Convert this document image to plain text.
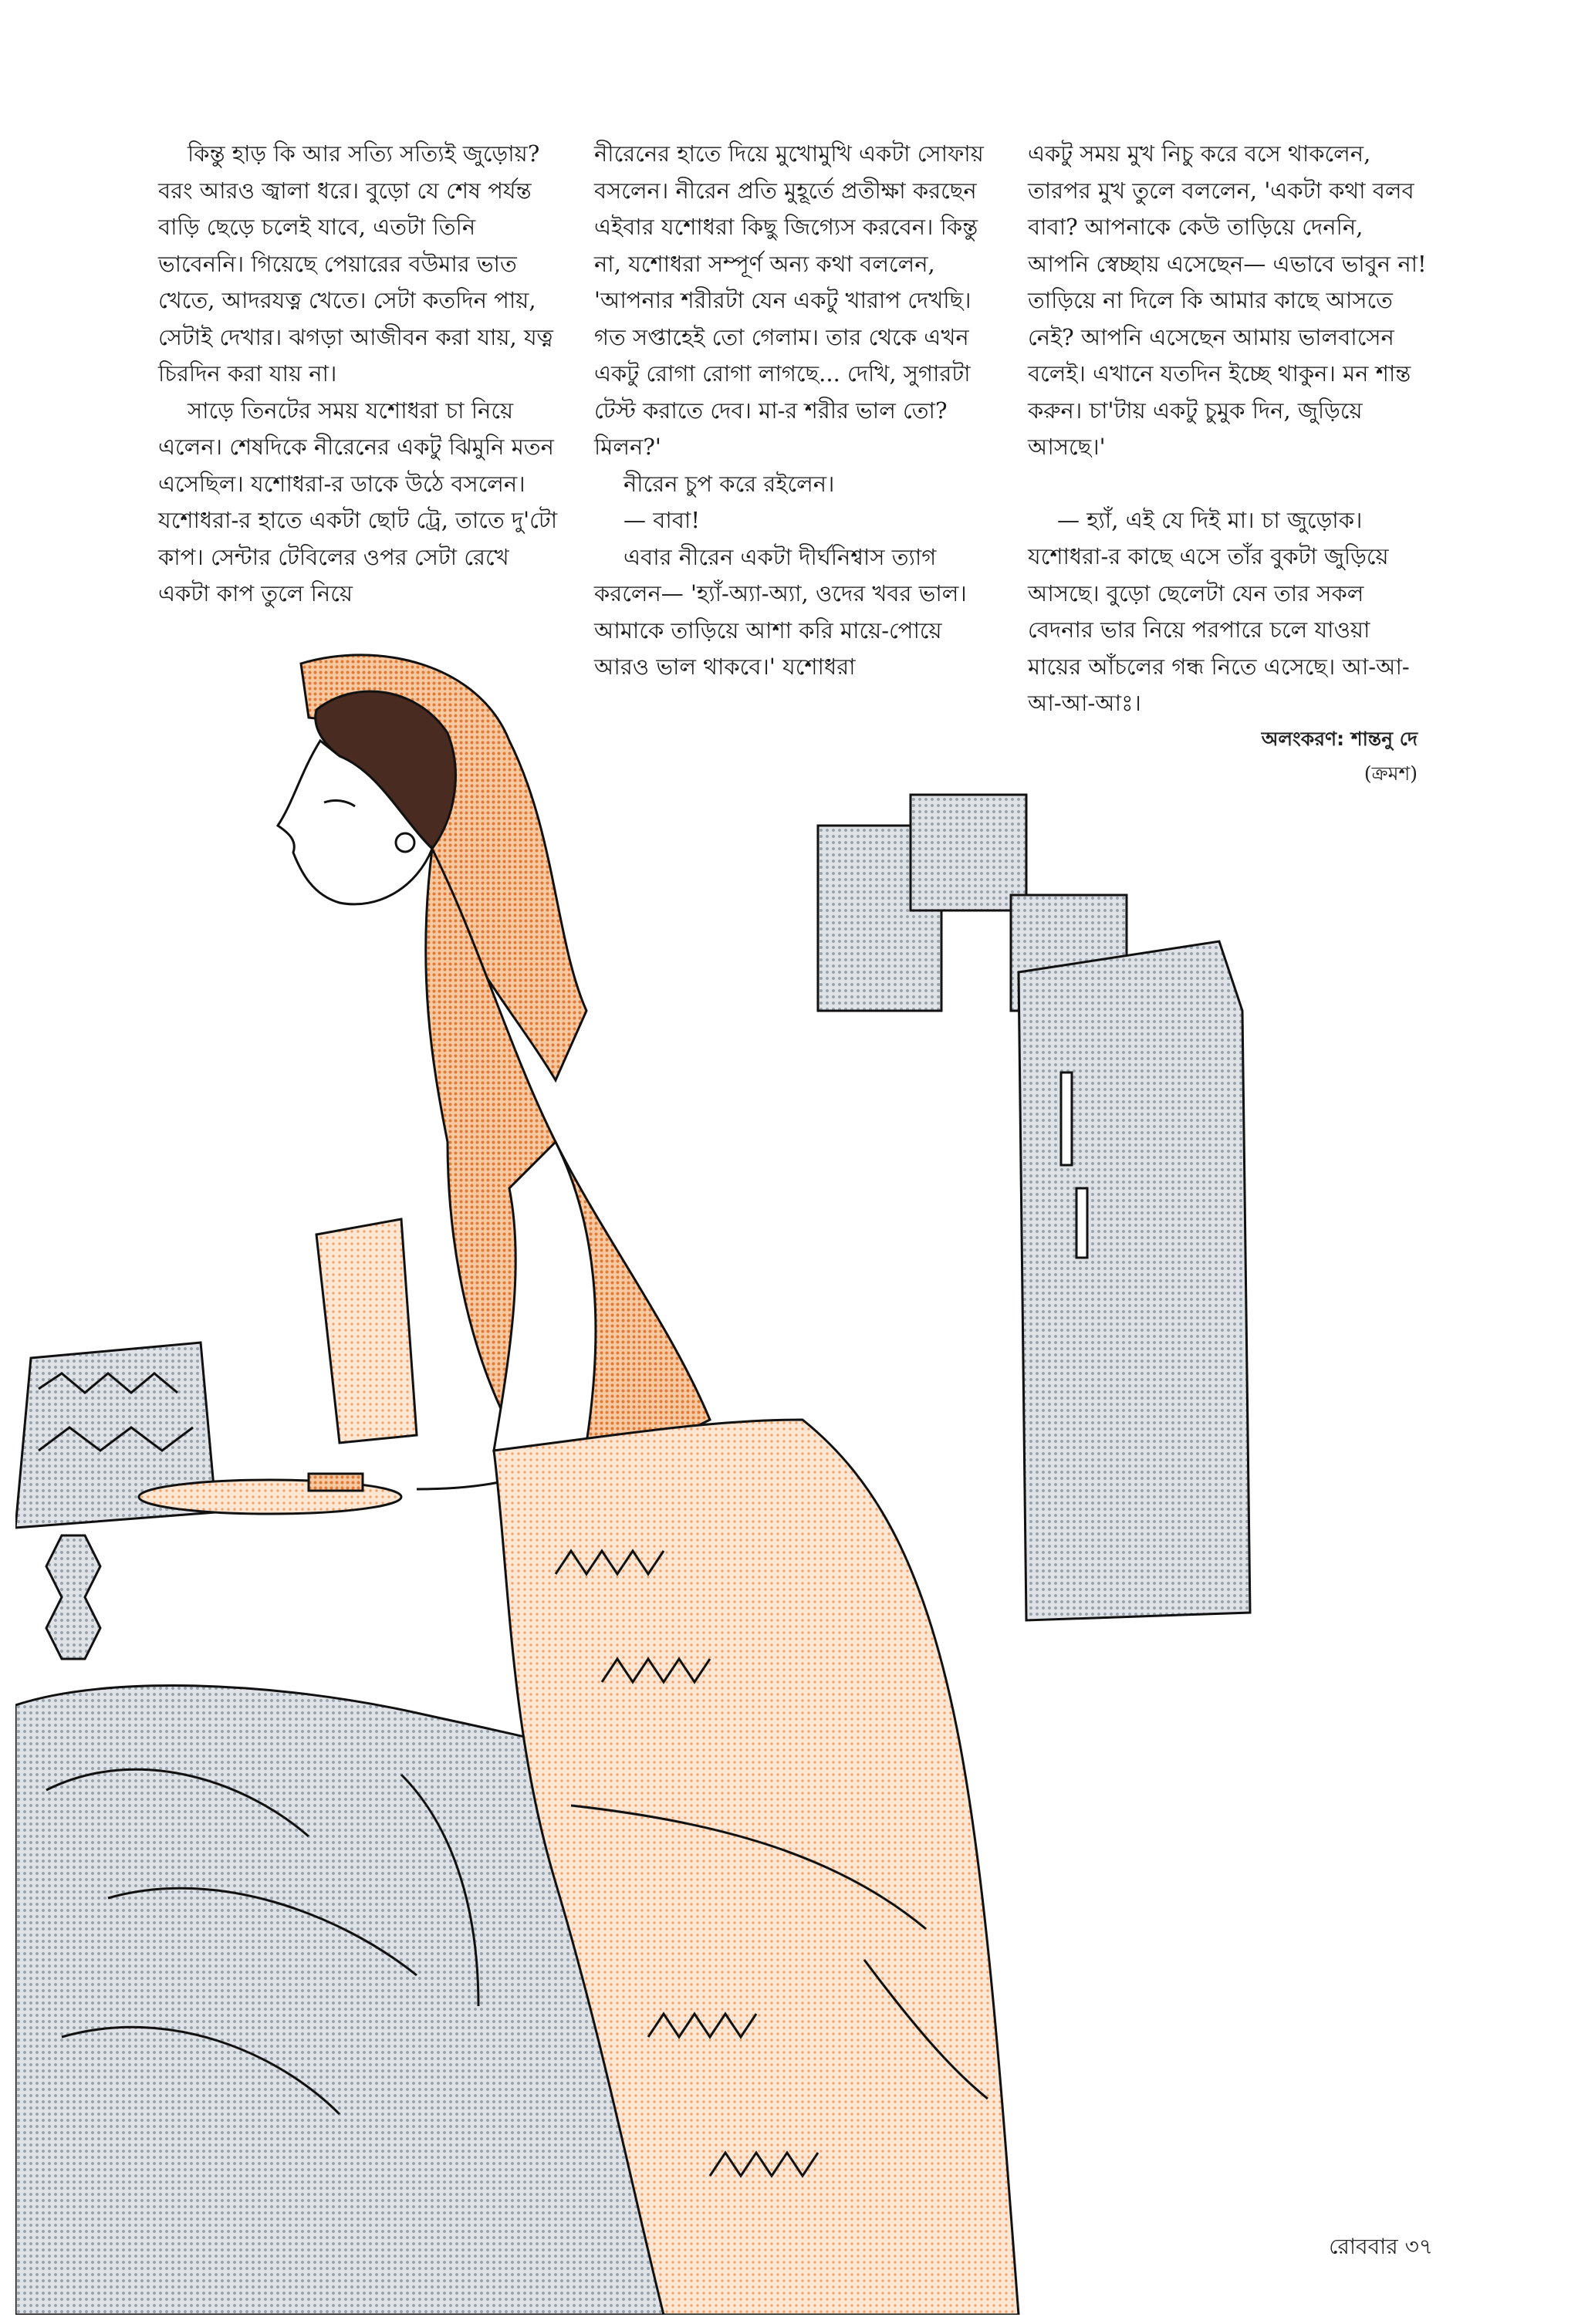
কিন্তু হাড় কি আর সত্যি সত্যিই জুড়োয়? বরং আরও জ্বালা ধরে। বুড়ো যে শেষ পর্যন্ত বাড়ি ছেড়ে চলেই যাবে, এতটা তিনি ভাবেননি। গিয়েছে পেয়ারের বউমার ভাত খেতে, আদরযত্ন খেতে। সেটা কতদিন পায়, সেটাই দেখার। ঝগড়া আজীবন করা যায়, যত্ন চিরদিন করা যায় না।

সাড়ে তিনটের সময় যশোধরা চা নিয়ে এলেন। শেষদিকে নীরেনের একটু ঝিমুনি মতন এসেছিল। যশোধরা-র ডাকে উঠে বসলেন। যশোধরা-র হাতে একটা ছোট ট্রে, তাতে দু'টো কাপ। সেন্টার টেবিলের ওপর সেটা রেখে একটা কাপ তুলে নিয়ে

নীরেনের হাতে দিয়ে মুখোমুখি একটা সোফায় বসলেন। নীরেন প্রতি মুহূর্তে প্রতীক্ষা করছেন এইবার যশোধরা কিছু জিগ্যেস করবেন। কিন্তু না, যশোধরা সম্পূর্ণ অন্য কথা বললেন, 'আপনার শরীরটা যেন একটু খারাপ দেখছি। গত সপ্তাহেই তো গেলাম। তার থেকে এখন একটু রোগা রোগা লাগছে... দেখি, সুগারটা টেস্ট করাতে দেব। মা-র শরীর ভাল তো? মিলন?'

নীরেন চুপ করে রইলেন।

— বাবা!

এবার নীরেন একটা দীর্ঘনিশ্বাস ত্যাগ করলেন— 'হ্যাঁ-অ্যা-অ্যা, ওদের খবর ভাল। আমাকে তাড়িয়ে আশা করি মায়ে-পোয়ে আরও ভাল থাকবে।' যশোধরা

একটু সময় মুখ নিচু করে বসে থাকলেন, তারপর মুখ তুলে বললেন, 'একটা কথা বলব বাবা? আপনাকে কেউ তাড়িয়ে দেননি, আপনি স্বেচ্ছায় এসেছেন— এভাবে ভাবুন না! তাড়িয়ে না দিলে কি আমার কাছে আসতে নেই? আপনি এসেছেন আমায় ভালবাসেন বলেই। এখানে যতদিন ইচ্ছে থাকুন। মন শান্ত করুন। চা'টায় একটু চুমুক দিন, জুড়িয়ে আসছে।'

— হ্যাঁ, এই যে দিই মা। চা জুড়োক। যশোধরা-র কাছে এসে তাঁর বুকটা জুড়িয়ে আসছে। বুড়ো ছেলেটা যেন তার সকল বেদনার ভার নিয়ে পরপারে চলে যাওয়া মায়ের আঁচলের গন্ধ নিতে এসেছে। আ-আ-আ-আ-আঃ।

অলংকরণ: শান্তনু দে
(ক্রমশ)
রোববার ৩৭
